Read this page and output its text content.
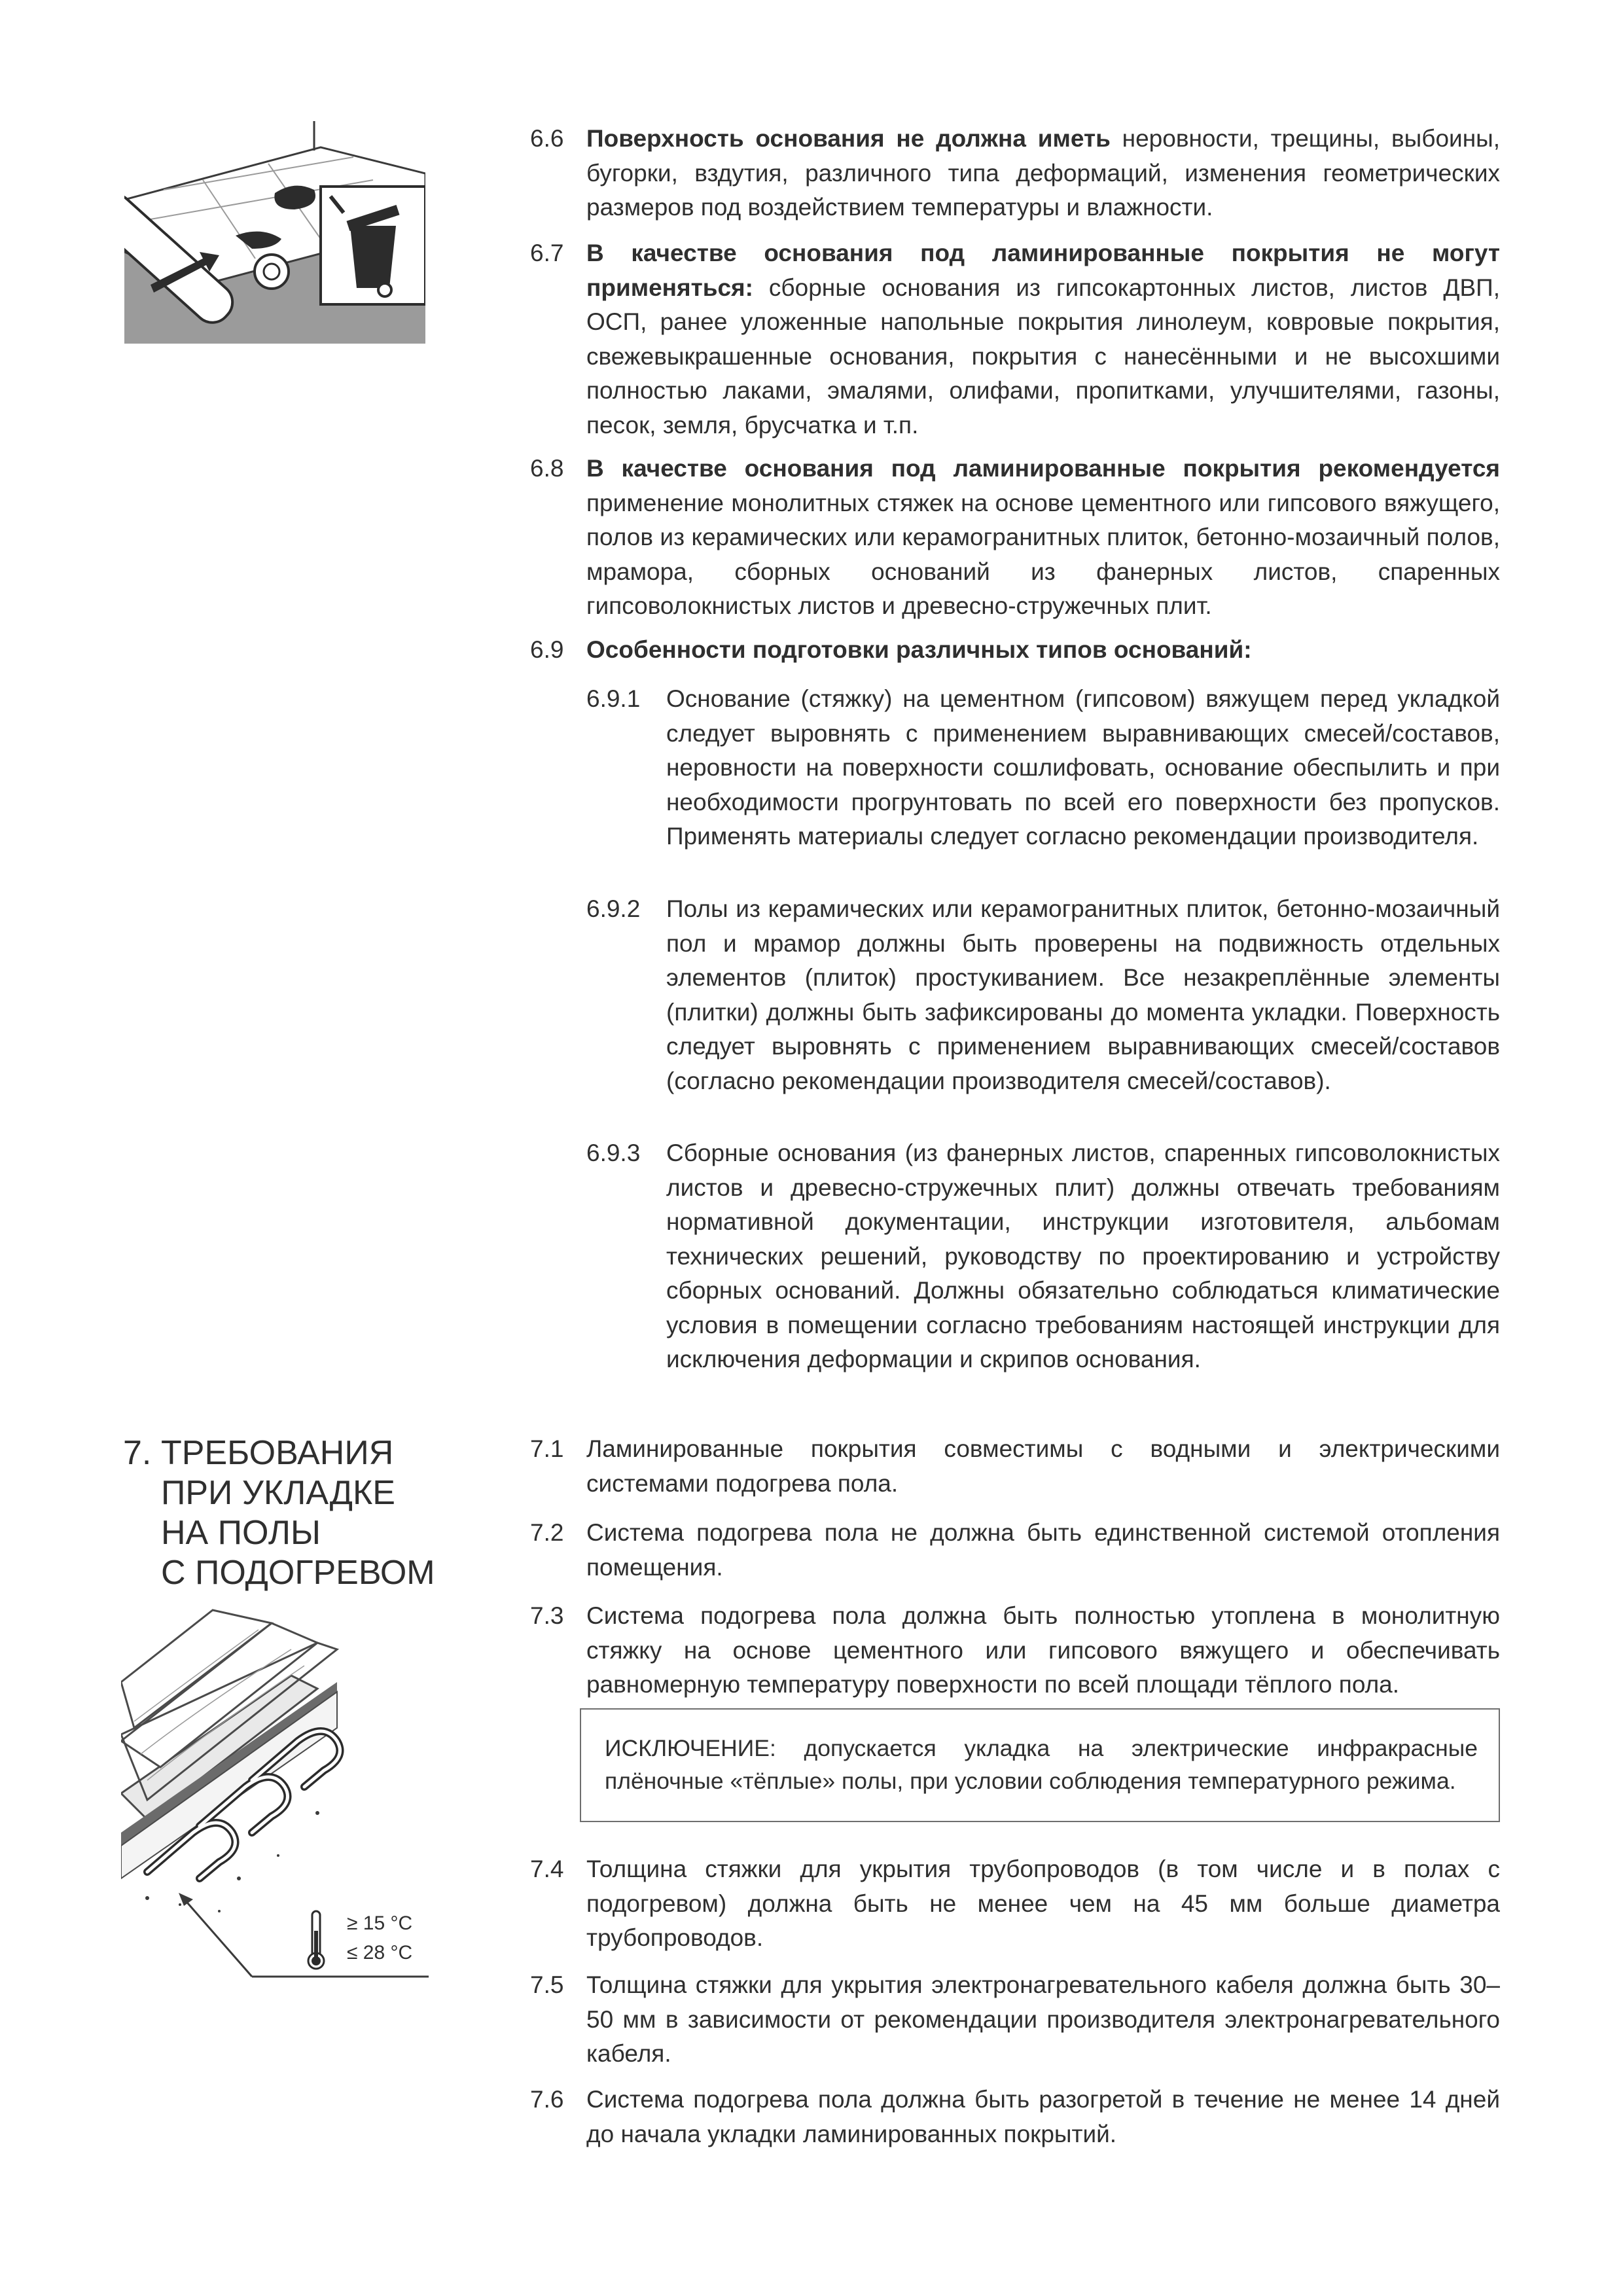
6.6 Поверхность основания не должна иметь неровности, трещины, выбоины, бугорки, вздутия, различного типа деформаций, изменения геометрических размеров под воздействием температуры и влажности.
6.7 В качестве основания под ламинированные покрытия не могут применяться: сборные основания из гипсокартонных листов, листов ДВП, ОСП, ранее уложенные напольные покрытия линолеум, ковровые покрытия, свежевыкрашенные основания, покрытия с нанесёнными и не высохшими полностью лаками, эмалями, олифами, пропитками, улучшителями, газоны, песок, земля, брусчатка и т.п.
6.8 В качестве основания под ламинированные покрытия рекомендуется применение монолитных стяжек на основе цементного или гипсового вяжущего, полов из керамических или керамогранитных плиток, бетонно-мозаичный полов, мрамора, сборных оснований из фанерных листов, спаренных гипсоволокнистых листов и древесно-стружечных плит.
6.9 Особенности подготовки различных типов оснований:
6.9.1 Основание (стяжку) на цементном (гипсовом) вяжущем перед укладкой следует выровнять с применением выравнивающих смесей/составов, неровности на поверхности сошлифовать, основание обеспылить и при необходимости прогрунтовать по всей его поверхности без пропусков. Применять материалы следует согласно рекомендации производителя.
6.9.2 Полы из керамических или керамогранитных плиток, бетонно-мозаичный пол и мрамор должны быть проверены на подвижность отдельных элементов (плиток) простукиванием. Все незакреплённые элементы (плитки) должны быть зафиксированы до момента укладки. Поверхность следует выровнять с применением выравнивающих смесей/составов (согласно рекомендации производителя смесей/составов).
6.9.3 Сборные основания (из фанерных листов, спаренных гипсоволокнистых листов и древесно-стружечных плит) должны отвечать требованиям нормативной документации, инструкции изготовителя, альбомам технических решений, руководству по проектированию и устройству сборных оснований. Должны обязательно соблюдаться климатические условия в помещении согласно требованиям настоящей инструкции для исключения деформации и скрипов основания.
7. ТРЕБОВАНИЯ
ПРИ УКЛАДКЕ
НА ПОЛЫ
С ПОДОГРЕВОМ
≥ 15 °C
≤ 28 °C
7.1 Ламинированные покрытия совместимы с водными и электрическими системами подогрева пола.
7.2 Система подогрева пола не должна быть единственной системой отопления помещения.
7.3 Система подогрева пола должна быть полностью утоплена в монолитную стяжку на основе цементного или гипсового вяжущего и обеспечивать равномерную температуру поверхности по всей площади тёплого пола.
ИСКЛЮЧЕНИЕ: допускается укладка на электрические инфракрасные плёночные «тёплые» полы, при условии соблюдения температурного режима.
7.4 Толщина стяжки для укрытия трубопроводов (в том числе и в полах с подогревом) должна быть не менее чем на 45 мм больше диаметра трубопроводов.
7.5 Толщина стяжки для укрытия электронагревательного кабеля должна быть 30–50 мм в зависимости от рекомендации производителя электронагревательного кабеля.
7.6 Система подогрева пола должна быть разогретой в течение не менее 14 дней до начала укладки ламинированных покрытий.
